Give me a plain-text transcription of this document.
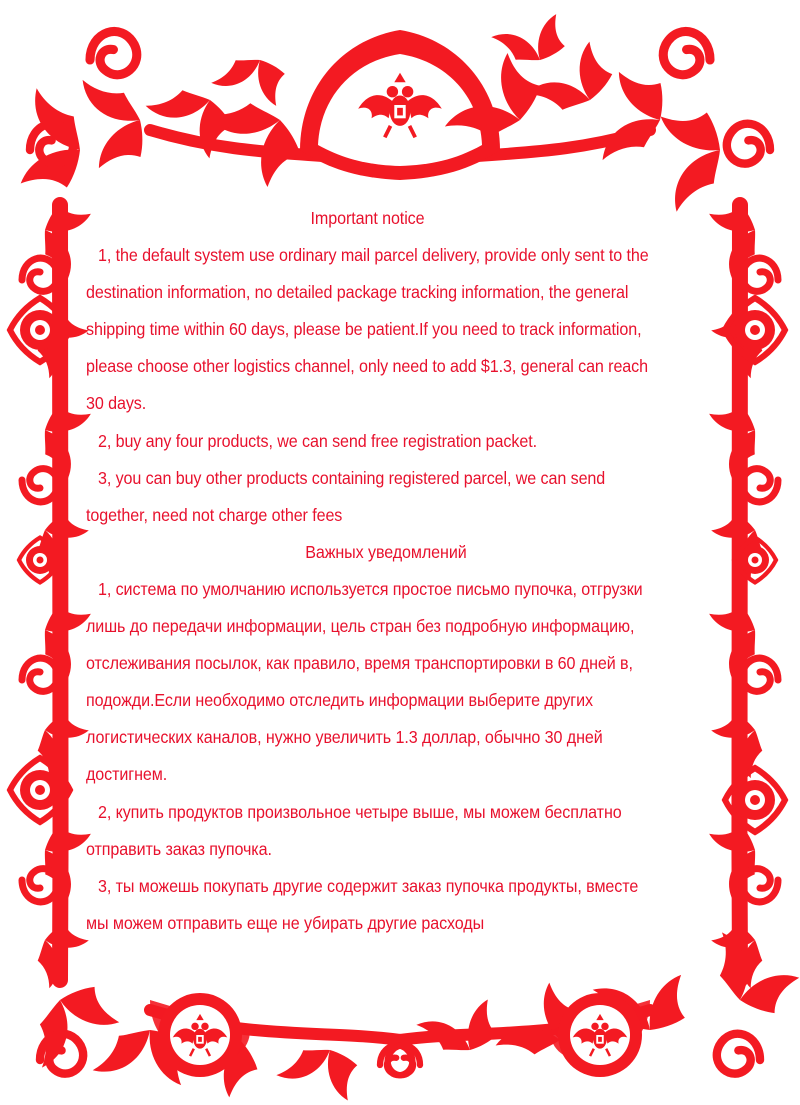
Important notice

1, the default system use ordinary mail parcel delivery, provide only sent to the destination information, no detailed package tracking information, the general shipping time within 60 days, please be patient.If you need to track information, please choose other logistics channel, only need to add $1.3, general can reach 30 days.

2, buy any four products, we can send free registration packet.

3, you can buy other products containing registered parcel, we can send together, need not charge other fees

Важных уведомлений

1, система по умолчанию используется простое письмо пупочка, отгрузки лишь до передачи информации, цель стран без подробную информацию, отслеживания посылок, как правило, время транспортировки в 60 дней в, подожди.Если необходимо отследить информации выберите других логистических каналов, нужно увеличить 1.3 доллар, обычно 30 дней достигнем.

2, купить продуктов произвольное четыре выше, мы можем бесплатно отправить заказ пупочка.

3, ты можешь покупать другие содержит заказ пупочка продукты, вместе мы можем отправить еще не убирать другие расходы
